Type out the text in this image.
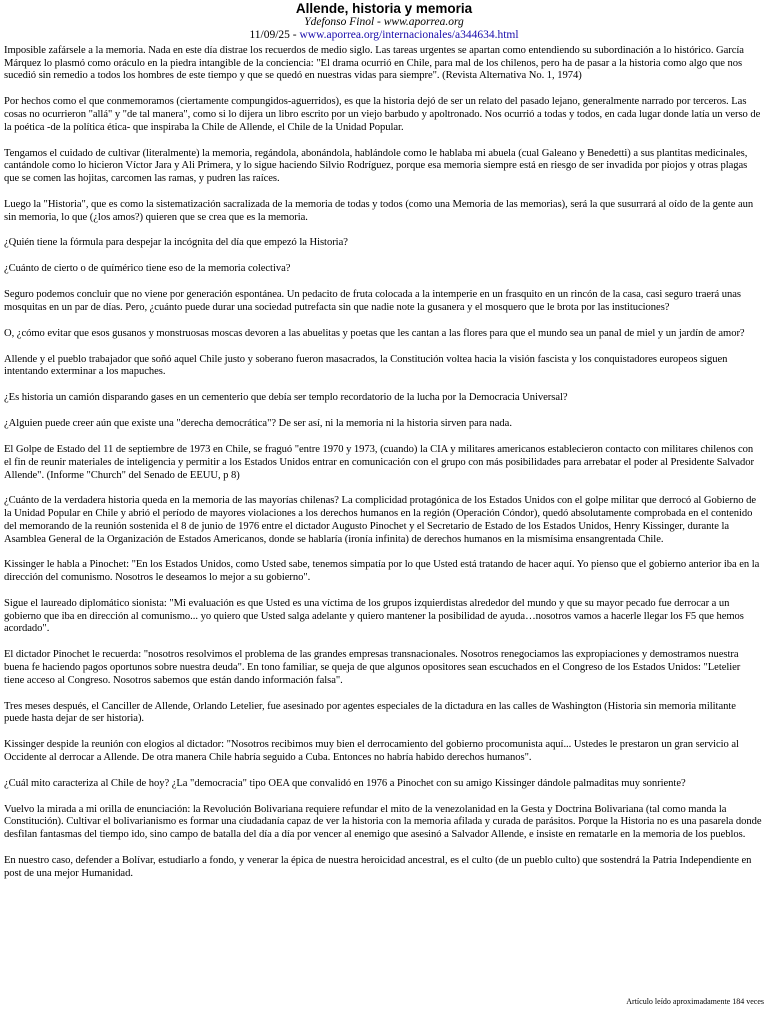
Allende, historia y memoria
Ydefonso Finol - www.aporrea.org
11/09/25 - www.aporrea.org/internacionales/a344634.html

Imposible zafársele a la memoria. Nada en este día distrae los recuerdos de medio siglo. Las tareas urgentes se apartan como entendiendo su subordinación a lo histórico. García Márquez lo plasmó como oráculo en la piedra intangible de la conciencia: "El drama ocurrió en Chile, para mal de los chilenos, pero ha de pasar a la historia como algo que nos sucedió sin remedio a todos los hombres de este tiempo y que se quedó en nuestras vidas para siempre". (Revista Alternativa No. 1, 1974)

Por hechos como el que conmemoramos (ciertamente compungidos-aguerridos), es que la historia dejó de ser un relato del pasado lejano, generalmente narrado por terceros. Las cosas no ocurrieron "allá" y "de tal manera", como si lo dijera un libro escrito por un viejo barbudo y apoltronado. Nos ocurrió a todas y todos, en cada lugar donde latía un verso de la poética -de la política ética- que inspiraba la Chile de Allende, el Chile de la Unidad Popular.

Tengamos el cuidado de cultivar (literalmente) la memoria, regándola, abonándola, hablándole como le hablaba mi abuela (cual Galeano y Benedetti) a sus plantitas medicinales, cantándole como lo hicieron Víctor Jara y Ali Primera, y lo sigue haciendo Silvio Rodríguez, porque esa memoria siempre está en riesgo de ser invadida por piojos y otras plagas que se comen las hojitas, carcomen las ramas, y pudren las raíces.

Luego la "Historia", que es como la sistematización sacralizada de la memoria de todas y todos (como una Memoria de las memorias), será la que susurrará al oído de la gente aun sin memoria, lo que (¿los amos?) quieren que se crea que es la memoria.

¿Quién tiene la fórmula para despejar la incógnita del día que empezó la Historia?

¿Cuánto de cierto o de químérico tiene eso de la memoria colectiva?

Seguro podemos concluir que no viene por generación espontánea. Un pedacito de fruta colocada a la intemperie en un frasquito en un rincón de la casa, casi seguro traerá unas mosquitas en un par de días. Pero, ¿cuánto puede durar una sociedad putrefacta sin que nadie note la gusanera y el mosquero que le brota por las instituciones?

O, ¿cómo evitar que esos gusanos y monstruosas moscas devoren a las abuelitas y poetas que les cantan a las flores para que el mundo sea un panal de miel y un jardín de amor?

Allende y el pueblo trabajador que soñó aquel Chile justo y soberano fueron masacrados, la Constitución voltea hacia la visión fascista y los conquistadores europeos siguen intentando exterminar a los mapuches.

¿Es historia un camión disparando gases en un cementerio que debía ser templo recordatorio de la lucha por la Democracia Universal?

¿Alguien puede creer aún que existe una "derecha democrática"? De ser así, ni la memoria ni la historia sirven para nada.

El Golpe de Estado del 11 de septiembre de 1973 en Chile, se fraguó "entre 1970 y 1973, (cuando) la CIA y militares americanos establecieron contacto con militares chilenos con el fin de reunir materiales de inteligencia y permitir a los Estados Unidos entrar en comunicación con el grupo con más posibilidades para arrebatar el poder al Presidente Salvador Allende". (Informe "Church" del Senado de EEUU, p 8)

¿Cuánto de la verdadera historia queda en la memoria de las mayorías chilenas? La complicidad protagónica de los Estados Unidos con el golpe militar que derrocó al Gobierno de la Unidad Popular en Chile y abrió el período de mayores violaciones a los derechos humanos en la región (Operación Cóndor), quedó absolutamente comprobada en el contenido del memorando de la reunión sostenida el 8 de junio de 1976 entre el dictador Augusto Pinochet y el Secretario de Estado de los Estados Unidos, Henry Kissinger, durante la Asamblea General de la Organización de Estados Americanos, donde se hablaría (ironía infinita) de derechos humanos en la mismísima ensangrentada Chile.

Kissinger le habla a Pinochet: "En los Estados Unidos, como Usted sabe, tenemos simpatía por lo que Usted está tratando de hacer aquí. Yo pienso que el gobierno anterior iba en la dirección del comunismo. Nosotros le deseamos lo mejor a su gobierno".

Sigue el laureado diplomático sionista: "Mi evaluación es que Usted es una víctima de los grupos izquierdistas alrededor del mundo y que su mayor pecado fue derrocar a un gobierno que iba en dirección al comunismo... yo quiero que Usted salga adelante y quiero mantener la posibilidad de ayuda…nosotros vamos a hacerle llegar los F5 que hemos acordado".

El dictador Pinochet le recuerda: "nosotros resolvimos el problema de las grandes empresas transnacionales. Nosotros renegociamos las expropiaciones y demostramos nuestra buena fe haciendo pagos oportunos sobre nuestra deuda". En tono familiar, se queja de que algunos opositores sean escuchados en el Congreso de los Estados Unidos: "Letelier tiene acceso al Congreso. Nosotros sabemos que están dando información falsa".

Tres meses después, el Canciller de Allende, Orlando Letelier, fue asesinado por agentes especiales de la dictadura en las calles de Washington (Historia sin memoria militante puede hasta dejar de ser historia).

Kissinger despide la reunión con elogios al dictador: "Nosotros recibimos muy bien el derrocamiento del gobierno procomunista aquí... Ustedes le prestaron un gran servicio al Occidente al derrocar a Allende. De otra manera Chile habría seguido a Cuba. Entonces no habría habido derechos humanos".

¿Cuál mito caracteriza al Chile de hoy? ¿La "democracia" tipo OEA que convalidó en 1976 a Pinochet con su amigo Kissinger dándole palmaditas muy sonriente?

Vuelvo la mirada a mi orilla de enunciación: la Revolución Bolivariana requiere refundar el mito de la venezolanidad en la Gesta y Doctrina Bolivariana (tal como manda la Constitución). Cultivar el bolivarianismo es formar una ciudadanía capaz de ver la historia con la memoria afilada y curada de parásitos. Porque la Historia no es una pasarela donde desfilan fantasmas del tiempo ido, sino campo de batalla del día a día por vencer al enemigo que asesinó a Salvador Allende, e insiste en rematarle en la memoria de los pueblos.

En nuestro caso, defender a Bolívar, estudiarlo a fondo, y venerar la épica de nuestra heroicidad ancestral, es el culto (de un pueblo culto) que sostendrá la Patria Independiente en post de una mejor Humanidad.

Artículo leído aproximadamente 184 veces
